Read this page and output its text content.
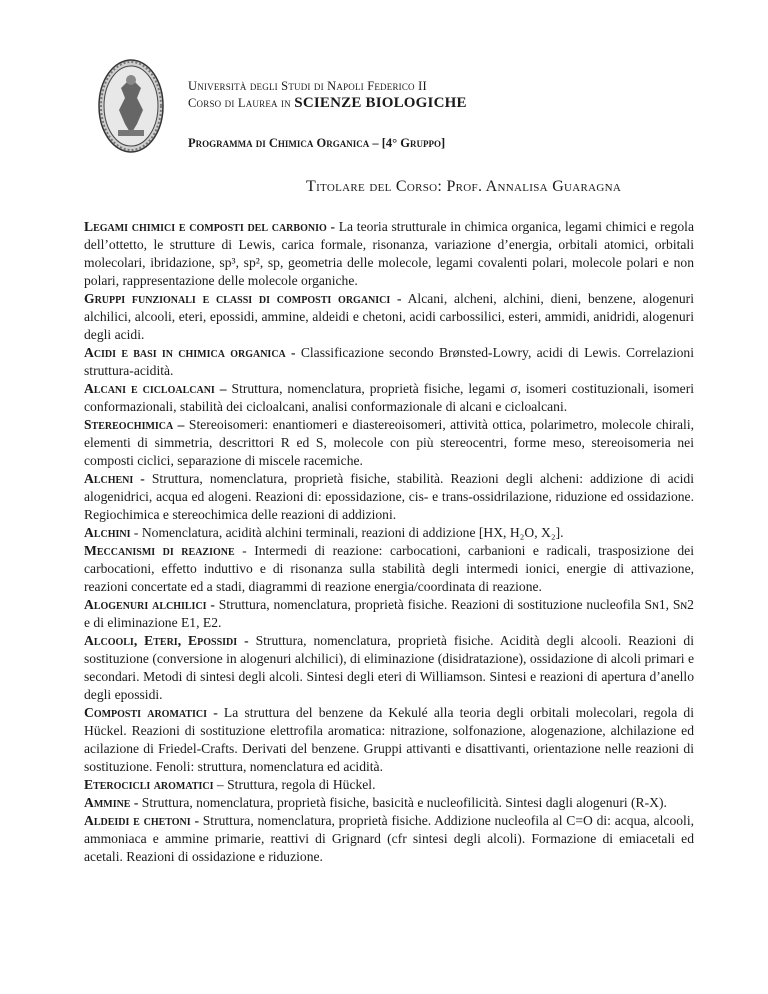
Università degli Studi di Napoli Federico II
Corso di Laurea in SCIENZE BIOLOGICHE
Programma di Chimica Organica – [4° Gruppo]
Titolare del Corso: Prof. Annalisa Guaragna

Legami chimici e composti del carbonio - La teoria strutturale in chimica organica, legami chimici e regola dell’ottetto, le strutture di Lewis, carica formale, risonanza, variazione d’energia, orbitali atomici, orbitali molecolari, ibridazione, sp³, sp², sp, geometria delle molecole, legami covalenti polari, molecole polari e non polari, rappresentazione delle molecole organiche.

Gruppi funzionali e classi di composti organici - Alcani, alcheni, alchini, dieni, benzene, alogenuri alchilici, alcooli, eteri, epossidi, ammine, aldeidi e chetoni, acidi carbossilici, esteri, ammidi, anidridi, alogenuri degli acidi.

Acidi e basi in chimica organica - Classificazione secondo Brønsted-Lowry, acidi di Lewis. Correlazioni struttura-acidità.

Alcani e cicloalcani – Struttura, nomenclatura, proprietà fisiche, legami σ, isomeri costituzionali, isomeri conformazionali, stabilità dei cicloalcani, analisi conformazionale di alcani e cicloalcani.

Stereochimica – Stereoisomeri: enantiomeri e diastereoisomeri, attività ottica, polarimetro, molecole chirali, elementi di simmetria, descrittori R ed S, molecole con più stereocentri, forme meso, stereoisomeria nei composti ciclici, separazione di miscele racemiche.

Alcheni - Struttura, nomenclatura, proprietà fisiche, stabilità. Reazioni degli alcheni: addizione di acidi alogenidrici, acqua ed alogeni. Reazioni di: epossidazione, cis- e trans-ossidrilazione, riduzione ed ossidazione. Regiochimica e stereochimica delle reazioni di addizioni.

Alchini - Nomenclatura, acidità alchini terminali, reazioni di addizione [HX, H₂O, X₂].

Meccanismi di reazione - Intermedi di reazione: carbocationi, carbanioni e radicali, trasposizione dei carbocationi, effetto induttivo e di risonanza sulla stabilità degli intermedi ionici, energie di attivazione, reazioni concertate ed a stadi, diagrammi di reazione energia/coordinata di reazione.

Alogenuri alchilici - Struttura, nomenclatura, proprietà fisiche. Reazioni di sostituzione nucleofila Sɴ1, Sɴ2 e di eliminazione E1, E2.

Alcooli, Eteri, Epossidi - Struttura, nomenclatura, proprietà fisiche. Acidità degli alcooli. Reazioni di sostituzione (conversione in alogenuri alchilici), di eliminazione (disidratazione), ossidazione di alcoli primari e secondari. Metodi di sintesi degli alcoli. Sintesi degli eteri di Williamson. Sintesi e reazioni di apertura d’anello degli epossidi.

Composti aromatici - La struttura del benzene da Kekulé alla teoria degli orbitali molecolari, regola di Hückel. Reazioni di sostituzione elettrofila aromatica: nitrazione, solfonazione, alogenazione, alchilazione ed acilazione di Friedel-Crafts. Derivati del benzene. Gruppi attivanti e disattivanti, orientazione nelle reazioni di sostituzione. Fenoli: struttura, nomenclatura ed acidità.

Eterocicli aromatici – Struttura, regola di Hückel.

Ammine - Struttura, nomenclatura, proprietà fisiche, basicità e nucleofilicità. Sintesi dagli alogenuri (R-X).

Aldeidi e chetoni - Struttura, nomenclatura, proprietà fisiche. Addizione nucleofila al C=O di: acqua, alcooli, ammoniaca e ammine primarie, reattivi di Grignard (cfr sintesi degli alcoli). Formazione di emiacetali ed acetali. Reazioni di ossidazione e riduzione.
